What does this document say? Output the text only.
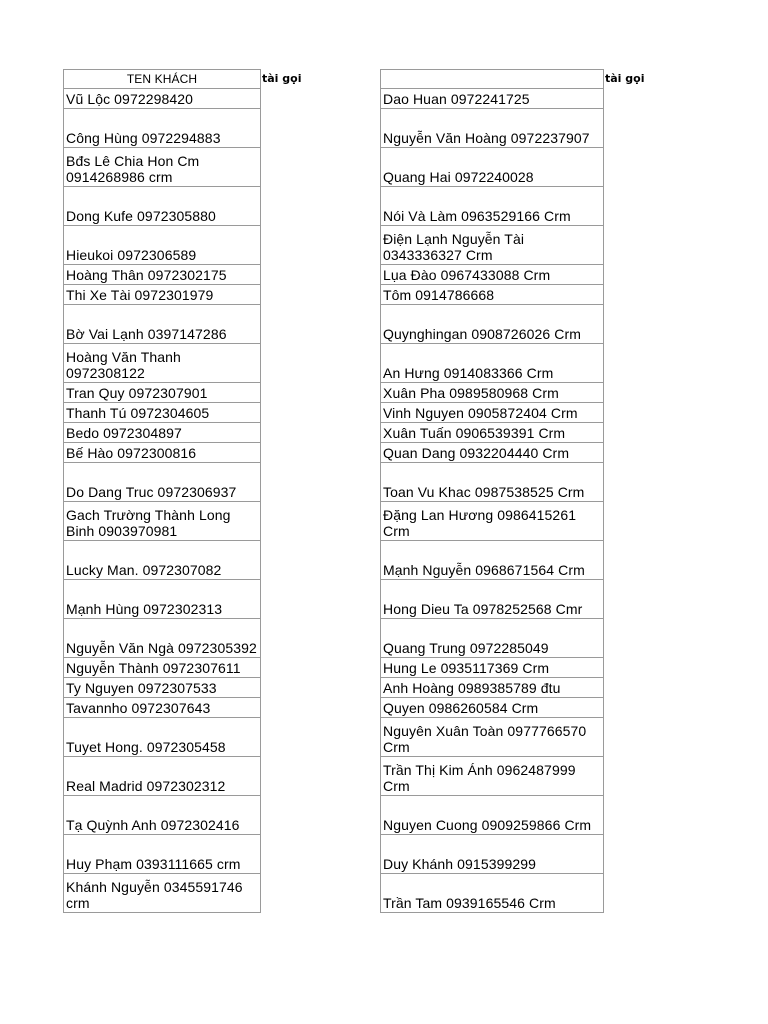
TEN KHÁCH
Vũ Lộc 0972298420
Công Hùng 0972294883
Bđs Lê Chia Hon Cm 0914268986 crm
Dong Kufe 0972305880
Hieukoi 0972306589
Hoàng Thân 0972302175
Thi Xe Tài 0972301979
Bờ Vai Lạnh 0397147286
Hoàng Văn Thanh 0972308122
Tran Quy 0972307901
Thanh Tú 0972304605
Bedo 0972304897
Bế Hào 0972300816
Do Dang Truc 0972306937
Gach Trường Thành Long Binh 0903970981
Lucky Man. 0972307082
Mạnh Hùng 0972302313
Nguyễn Văn Ngà 0972305392
Nguyễn Thành 0972307611
Ty Nguyen 0972307533
Tavannho 0972307643
Tuyet Hong. 0972305458
Real Madrid 0972302312
Tạ Quỳnh Anh 0972302416
Huy Phạm 0393111665 crm
Khánh Nguyễn 0345591746 crm
tài gọi

Dao Huan 0972241725
Nguyễn Văn Hoàng 0972237907
Quang Hai 0972240028
Nói Và Làm 0963529166 Crm
Điện Lạnh Nguyễn Tài 0343336327 Crm
Lụa Đào 0967433088 Crm
Tôm 0914786668
Quynghingan 0908726026 Crm
An Hưng 0914083366 Crm
Xuân Pha 0989580968 Crm
Vinh Nguyen 0905872404 Crm
Xuân Tuấn 0906539391 Crm
Quan Dang 0932204440 Crm
Toan Vu Khac 0987538525 Crm
Đặng Lan Hương 0986415261 Crm
Mạnh Nguyễn 0968671564 Crm
Hong Dieu Ta 0978252568 Cmr
Quang Trung 0972285049
Hung Le 0935117369 Crm
Anh Hoàng 0989385789 đtu
Quyen 0986260584 Crm
Nguyên Xuân Toàn 0977766570 Crm
Trần Thị Kim Ánh 0962487999 Crm
Nguyen Cuong 0909259866 Crm
Duy Khánh 0915399299
Trần Tam 0939165546 Crm
tài gọi
